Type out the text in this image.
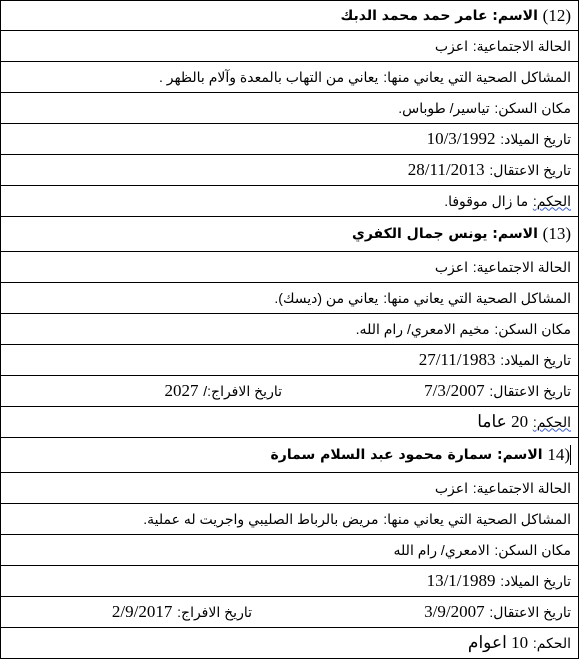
(12)

الاسم:

عامر حمد محمد الدبك
الحالة الاجتماعية:

اعزب
المشاكل الصحية التي يعاني منها:

يعاني من التهاب بالمعدة وآلام بالظهر .
مكان السكن:

تياسير/ طوباس.
تاريخ الميلاد:

10/3/1992
تاريخ الاعتقال:

28/11/2013
الحكم:

ما زال موقوفا.
(13)

الاسم:

يونس جمال الكفري
الحالة الاجتماعية:

اعزب
المشاكل الصحية التي يعاني منها:

يعاني من (ديسك).
مكان السكن:

مخيم الامعري/ رام الله.
تاريخ الميلاد:

27/11/1983
تاريخ الاعتقال:

7/3/2007
تاريخ الافراج:/ 2027
الحكم:

20 عاما
(14

الاسم:

سمارة محمود عبد السلام سمارة
الحالة الاجتماعية:

اعزب
المشاكل الصحية التي يعاني منها:

مريض بالرباط الصليبي واجريت له عملية.
مكان السكن:

الامعري/ رام الله
تاريخ الميلاد:

13/1/1989
تاريخ الاعتقال:

3/9/2007
تاريخ الافراج: 2/9/2017
الحكم:

10 اعوام
